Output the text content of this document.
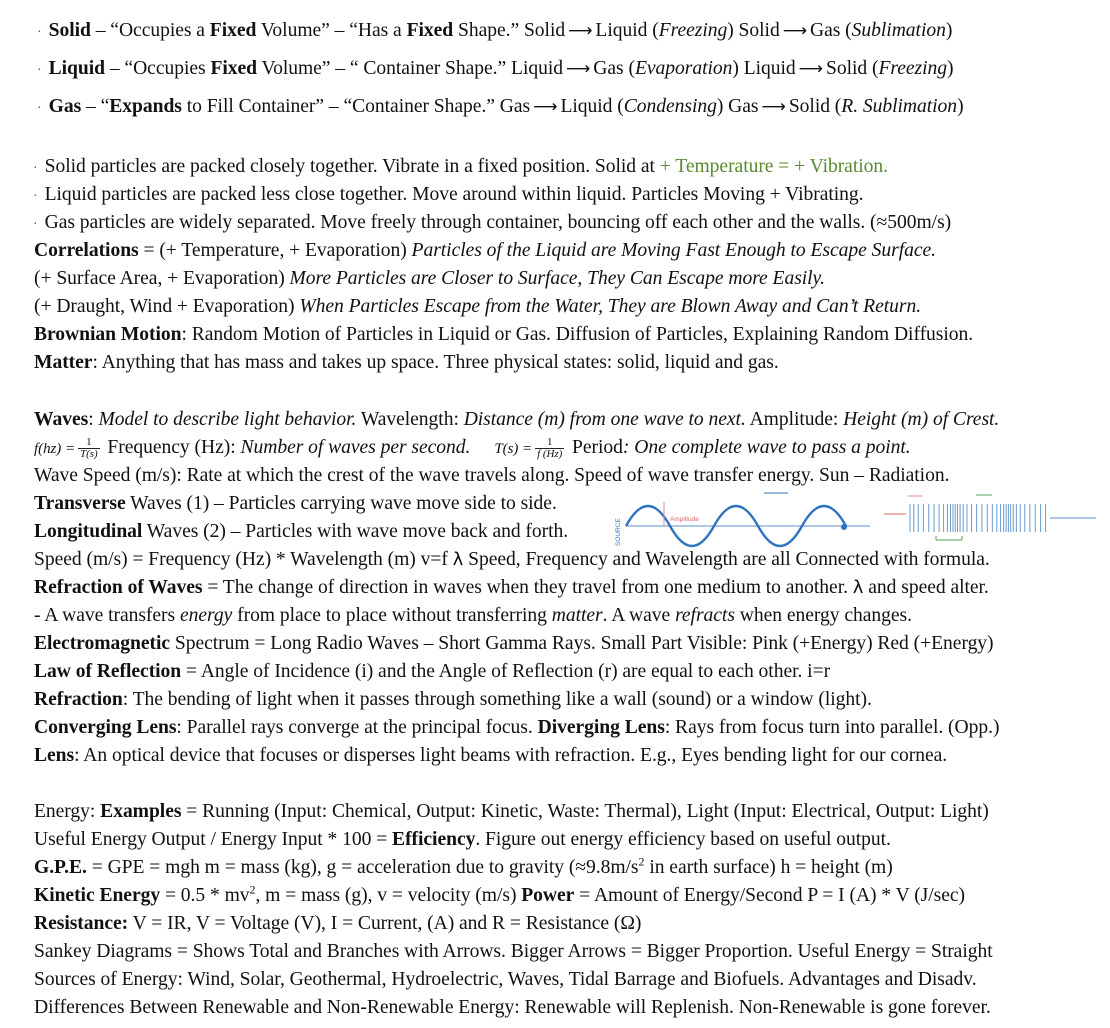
· Solid – “Occupies a Fixed Volume” – “Has a Fixed Shape.” Solid ⟶ Liquid (Freezing) Solid ⟶ Gas (Sublimation)
· Liquid – “Occupies Fixed Volume” – “ Container Shape.” Liquid ⟶ Gas (Evaporation) Liquid ⟶ Solid (Freezing)
· Gas – “Expands to Fill Container” – “Container Shape.” Gas ⟶ Liquid (Condensing) Gas ⟶ Solid (R. Sublimation)
· Solid particles are packed closely together. Vibrate in a fixed position. Solid at + Temperature = + Vibration.
· Liquid particles are packed less close together. Move around within liquid. Particles Moving + Vibrating.
· Gas particles are widely separated. Move freely through container, bouncing off each other and the walls. (≈500m/s)
Correlations = (+ Temperature, + Evaporation) Particles of the Liquid are Moving Fast Enough to Escape Surface.
(+ Surface Area, + Evaporation) More Particles are Closer to Surface, They Can Escape more Easily.
(+ Draught, Wind + Evaporation) When Particles Escape from the Water, They are Blown Away and Can’t Return.
Brownian Motion: Random Motion of Particles in Liquid or Gas. Diffusion of Particles, Explaining Random Diffusion.
Matter: Anything that has mass and takes up space. Three physical states: solid, liquid and gas.
Waves: Model to describe light behavior. Wavelength: Distance (m) from one wave to next. Amplitude: Height (m) of Crest.
$f(hz) = \frac{1}{T(s)}$ Frequency (Hz): Number of waves per second. $T(s) = \frac{1}{f (Hz)}$ Period: One complete wave to pass a point.
Wave Speed (m/s): Rate at which the crest of the wave travels along. Speed of wave transfer energy. Sun – Radiation.
Transverse Waves (1) – Particles carrying wave move side to side.
Longitudinal Waves (2) – Particles with wave move back and forth.
Amplitude
SOURCE
Speed (m/s) = Frequency (Hz) * Wavelength (m) v=f λ Speed, Frequency and Wavelength are all Connected with formula.
Refraction of Waves = The change of direction in waves when they travel from one medium to another. λ and speed alter.
- A wave transfers energy from place to place without transferring matter. A wave refracts when energy changes.
Electromagnetic Spectrum = Long Radio Waves – Short Gamma Rays. Small Part Visible: Pink (+Energy) Red (+Energy)
Law of Reflection = Angle of Incidence (i) and the Angle of Reflection (r) are equal to each other. i=r
Refraction: The bending of light when it passes through something like a wall (sound) or a window (light).
Converging Lens: Parallel rays converge at the principal focus. Diverging Lens: Rays from focus turn into parallel. (Opp.)
Lens: An optical device that focuses or disperses light beams with refraction. E.g., Eyes bending light for our cornea.
Energy: Examples = Running (Input: Chemical, Output: Kinetic, Waste: Thermal), Light (Input: Electrical, Output: Light)
Useful Energy Output / Energy Input * 100 = Efficiency. Figure out energy efficiency based on useful output.
G.P.E. = GPE = mgh m = mass (kg), g = acceleration due to gravity ($\approx 9.8m/s^2$ in earth surface) h = height (m)
Kinetic Energy = $0.5 * mv^2$, m = mass (g), v = velocity (m/s) Power = Amount of Energy/Second P = I (A) * V (J/sec)
Resistance: V = IR, V = Voltage (V), I = Current, (A) and R = Resistance (Ω)
Sankey Diagrams = Shows Total and Branches with Arrows. Bigger Arrows = Bigger Proportion. Useful Energy = Straight
Sources of Energy: Wind, Solar, Geothermal, Hydroelectric, Waves, Tidal Barrage and Biofuels. Advantages and Disadv.
Differences Between Renewable and Non-Renewable Energy: Renewable will Replenish. Non-Renewable is gone forever.
